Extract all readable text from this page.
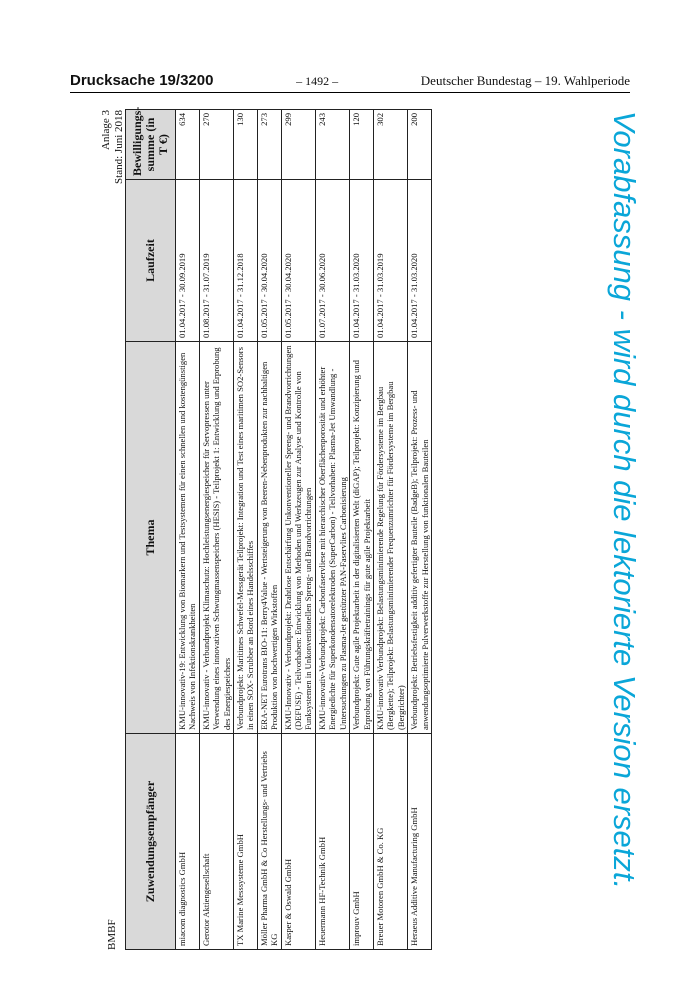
Drucksache 19/3200	– 1492 –	Deutscher Bundestag – 19. Wahlperiode
BMBF
Anlage 3 Stand: Juni 2018
Zuwendungsempfänger	Thema	Laufzeit	Bewilligungs-summe (in T €)
miacom diagnostics GmbH	KMU-innovativ-19: Entwicklung von Biomarkern und Testsystemen für einen schnellen und kostengünstigen Nachweis von Infektionskrankheiten	01.04.2017 - 30.09.2019	634
Gerotor Aktiengesellschaft	KMU-innovativ - Verbundprojekt Klimaschutz: Hochleistungsenergiespeicher für Servopressen unter Verwendung eines innovativen Schwungmassenspeichers (HESIS) - Teilprojekt 1: Entwicklung und Erprobung des Energiespeichers	01.08.2017 - 31.07.2019	270
TX Marine Messsysteme GmbH	Verbundprojekt: Maritimes Schwefel-Messgerät Teilprojekt: Integration und Test eines maritimen SO2-Sensors in einen SOX- Scrubber an Bord eines Handelsschiffes	01.04.2017 - 31.12.2018	130
Möller Pharma GmbH & Co Herstellungs- und Vertriebs KG	ERA-NET Eurotrans BIO-11: Berry4Value - Wertsteigerung von Beeren-Nebenprodukten zur nachhaltigen Produktion von hochwertigen Wirkstoffen	01.05.2017 - 30.04.2020	273
Kasper & Oswald GmbH	KMU-Innovativ - Verbundprojekt: Drahtlose Entschärfung Unkonventioneller Spreng- und Brandvorrichtungen (DEFUSE) - Teilvorhaben: Entwicklung von Methoden und Werkzeugen zur Analyse und Kontrolle von Funksystemen in Unkonventionellen Spreng- und Brandvorrichtungen	01.05.2017 - 30.04.2020	299
Heuermann HF-Technik GmbH	KMU-innovativ-Verbundprojekt: Carbonfaservliese mit hierarchischer Oberflächenporosität und erhöhter Energiedichte für Superkondensatorelektroden (SuperCarbon) - Teilvorhaben: Plasma-Jet Umwandlung - Untersuchungen zu Plasma-Jet gestützter PAN-Faservlies Carbonisierung	01.07.2017 - 30.06.2020	243
improuv GmbH	Verbundprojekt: Gute agile Projektarbeit in der digitalisierten Welt (diGAP); Teilprojekt: Konzipierung und Erprobung von Führungskräftetrainings für gute agile Projektarbeit	01.04.2017 - 31.03.2020	120
Breuer Motoren GmbH & Co. KG	KMU-innovativ Verbundprojekt: Belastungsminimierende Regelung für Fördersysteme im Bergbau (Bergkette); Teilprojekt: Belastungsminimierender Frequenzumrichter für Fördersysteme im Bergbau (Bergrichter)	01.04.2017 - 31.03.2019	302
Heraeus Additive Manufacturing GmbH	Verbundprojekt: Betriebsfestigkeit additiv gefertigter Bauteile (BadgeB); Teilprojekt: Prozess- und anwendungsoptimierte Pulverwerkstoffe zur Herstellung von funktionalen Bauteilen	01.04.2017 - 31.03.2020	200	Vorabfassung - wird durch die lektorierte Version ersetzt.
